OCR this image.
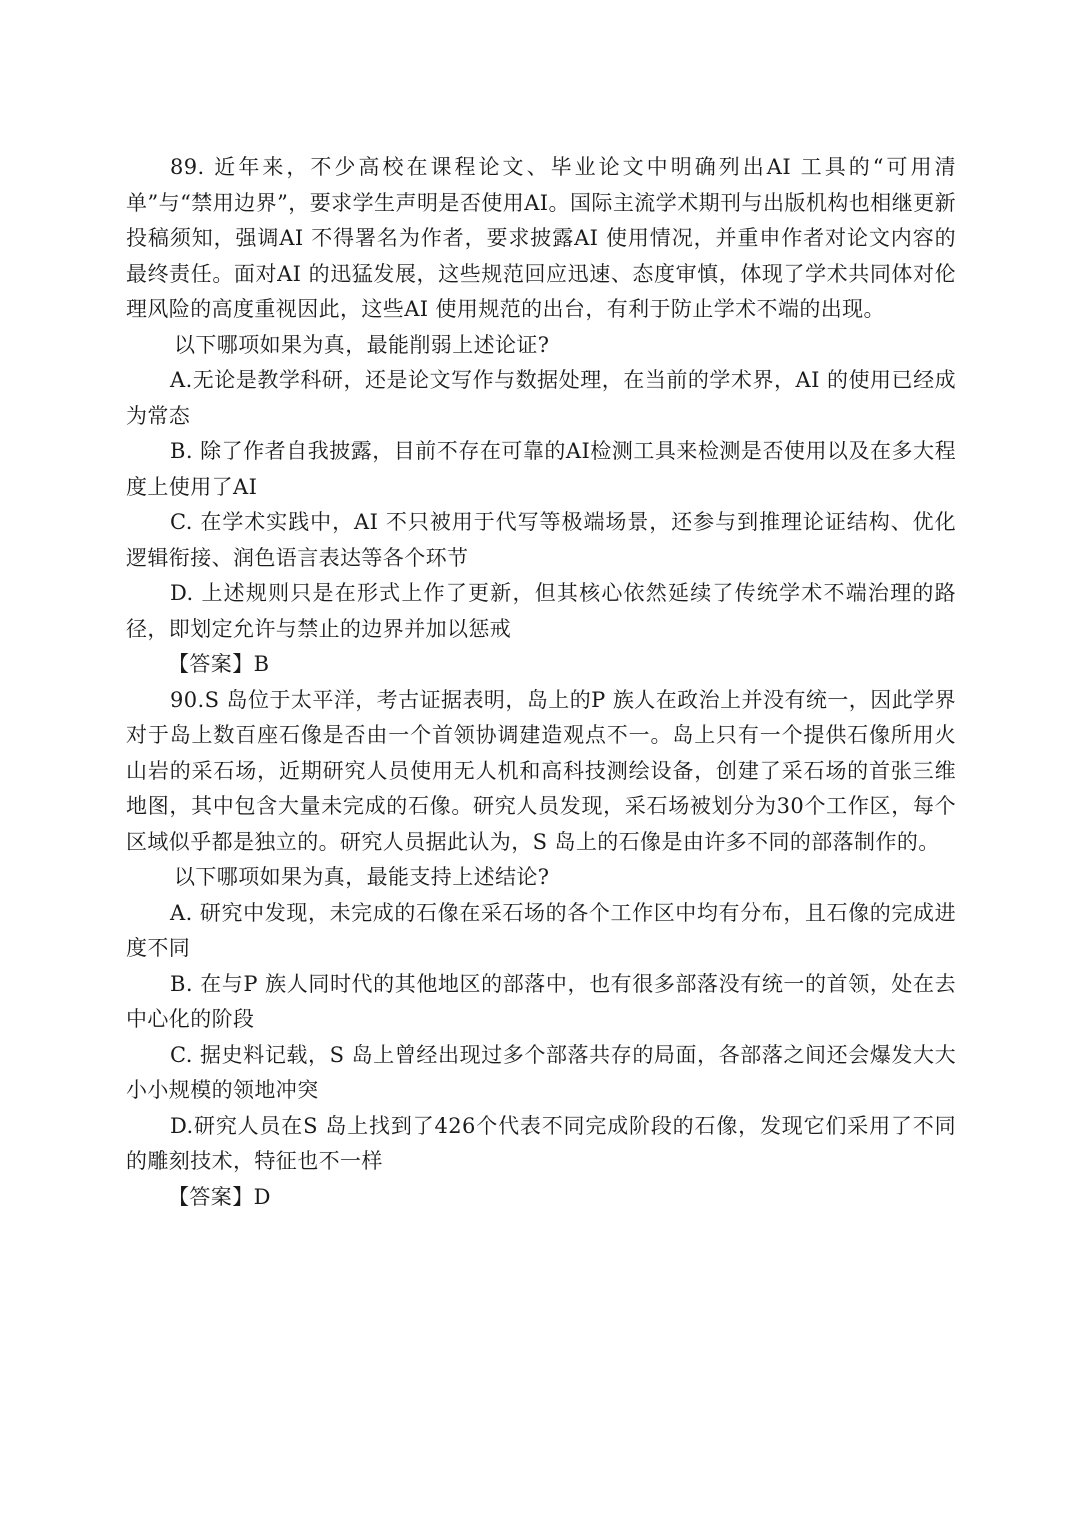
89. 近年来，不少高校在课程论文、毕业论文中明确列出AI 工具的“可用清单”与“禁用边界”，要求学生声明是否使用AI。国际主流学术期刊与出版机构也相继更新投稿须知，强调AI 不得署名为作者，要求披露AI 使用情况，并重申作者对论文内容的最终责任。面对AI 的迅猛发展，这些规范回应迅速、态度审慎，体现了学术共同体对伦理风险的高度重视因此，这些AI 使用规范的出台，有利于防止学术不端的出现。

以下哪项如果为真，最能削弱上述论证?

A.无论是教学科研，还是论文写作与数据处理，在当前的学术界，AI 的使用已经成为常态

B. 除了作者自我披露，目前不存在可靠的AI检测工具来检测是否使用以及在多大程度上使用了AI

C. 在学术实践中，AI 不只被用于代写等极端场景，还参与到推理论证结构、优化逻辑衔接、润色语言表达等各个环节

D. 上述规则只是在形式上作了更新，但其核心依然延续了传统学术不端治理的路径，即划定允许与禁止的边界并加以惩戒

【答案】B

90.S 岛位于太平洋，考古证据表明，岛上的P 族人在政治上并没有统一，因此学界对于岛上数百座石像是否由一个首领协调建造观点不一。岛上只有一个提供石像所用火山岩的采石场，近期研究人员使用无人机和高科技测绘设备，创建了采石场的首张三维地图，其中包含大量未完成的石像。研究人员发现，采石场被划分为30个工作区，每个区域似乎都是独立的。研究人员据此认为，S 岛上的石像是由许多不同的部落制作的。

以下哪项如果为真，最能支持上述结论?

A. 研究中发现，未完成的石像在采石场的各个工作区中均有分布，且石像的完成进度不同

B. 在与P 族人同时代的其他地区的部落中，也有很多部落没有统一的首领，处在去中心化的阶段

C. 据史料记载，S 岛上曾经出现过多个部落共存的局面，各部落之间还会爆发大大小小规模的领地冲突

D.研究人员在S 岛上找到了426个代表不同完成阶段的石像，发现它们采用了不同的雕刻技术，特征也不一样

【答案】D
